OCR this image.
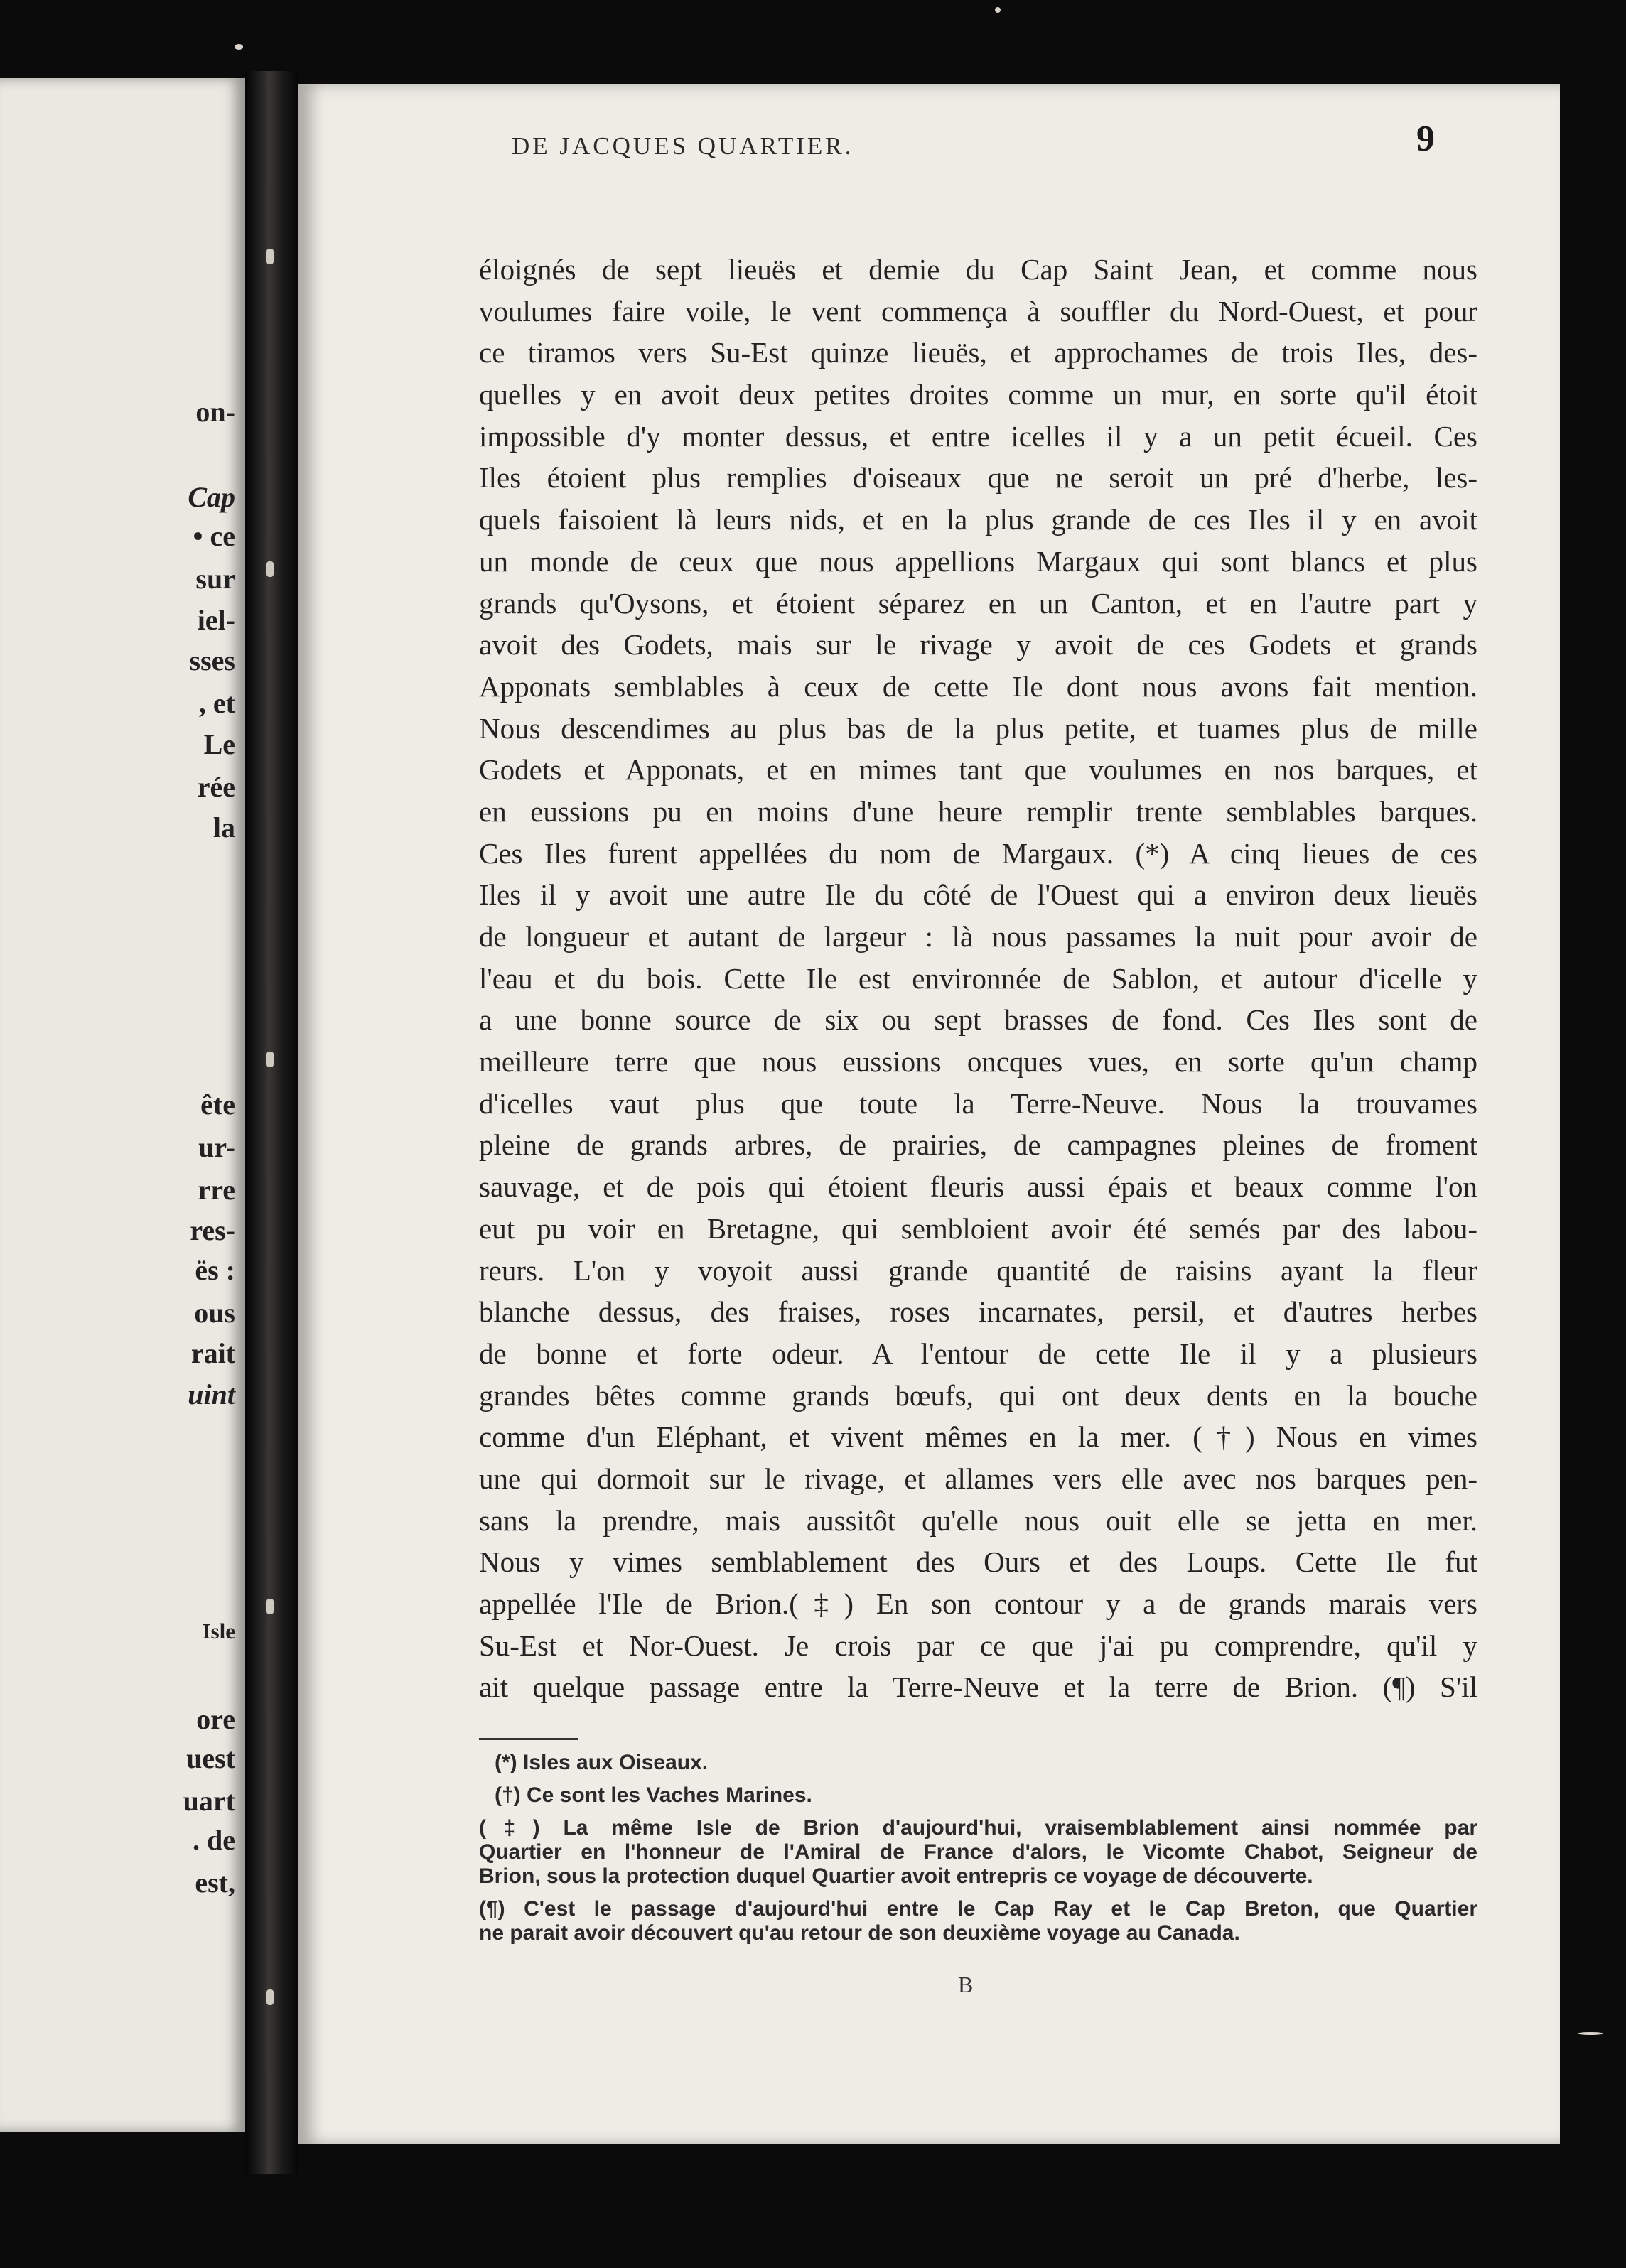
on-
Cap
• ce
sur
iel-
sses
, et
Le
rée
la
ête
ur-
rre
res-
ës :
ous
rait
uint
Isle
ore
uest
uart
. de
est,
DE JACQUES QUARTIER.	9
éloignés de sept lieuës et demie du Cap Saint Jean, et comme nous
voulumes faire voile, le vent commença à souffler du Nord-Ouest, et pour
ce tiramos vers Su-Est quinze lieuës, et approchames de trois Iles, des-
quelles y en avoit deux petites droites comme un mur, en sorte qu'il étoit
impossible d'y monter dessus, et entre icelles il y a un petit écueil. Ces
Iles étoient plus remplies d'oiseaux que ne seroit un pré d'herbe, les-
quels faisoient là leurs nids, et en la plus grande de ces Iles il y en avoit
un monde de ceux que nous appellions Margaux qui sont blancs et plus
grands qu'Oysons, et étoient séparez en un Canton, et en l'autre part y
avoit des Godets, mais sur le rivage y avoit de ces Godets et grands
Apponats semblables à ceux de cette Ile dont nous avons fait mention.
Nous descendimes au plus bas de la plus petite, et tuames plus de mille
Godets et Apponats, et en mimes tant que voulumes en nos barques, et
en eussions pu en moins d'une heure remplir trente semblables barques.
Ces Iles furent appellées du nom de Margaux. (*) A cinq lieues de ces
Iles il y avoit une autre Ile du côté de l'Ouest qui a environ deux lieuës
de longueur et autant de largeur : là nous passames la nuit pour avoir de
l'eau et du bois. Cette Ile est environnée de Sablon, et autour d'icelle y
a une bonne source de six ou sept brasses de fond. Ces Iles sont de
meilleure terre que nous eussions oncques vues, en sorte qu'un champ
d'icelles vaut plus que toute la Terre-Neuve. Nous la trouvames
pleine de grands arbres, de prairies, de campagnes pleines de froment
sauvage, et de pois qui étoient fleuris aussi épais et beaux comme l'on
eut pu voir en Bretagne, qui sembloient avoir été semés par des labou-
reurs. L'on y voyoit aussi grande quantité de raisins ayant la fleur
blanche dessus, des fraises, roses incarnates, persil, et d'autres herbes
de bonne et forte odeur. A l'entour de cette Ile il y a plusieurs
grandes bêtes comme grands bœufs, qui ont deux dents en la bouche
comme d'un Eléphant, et vivent mêmes en la mer. (†) Nous en vimes
une qui dormoit sur le rivage, et allames vers elle avec nos barques pen-
sans la prendre, mais aussitôt qu'elle nous ouit elle se jetta en mer.
Nous y vimes semblablement des Ours et des Loups. Cette Ile fut
appellée l'Ile de Brion.(‡) En son contour y a de grands marais vers
Su-Est et Nor-Ouest. Je crois par ce que j'ai pu comprendre, qu'il y
ait quelque passage entre la Terre-Neuve et la terre de Brion. (¶) S'il
(*) Isles aux Oiseaux.
(†) Ce sont les Vaches Marines.
(‡) La même Isle de Brion d'aujourd'hui, vraisemblablement ainsi nommée par
Quartier en l'honneur de l'Amiral de France d'alors, le Vicomte Chabot, Seigneur de
Brion, sous la protection duquel Quartier avoit entrepris ce voyage de découverte.
(¶) C'est le passage d'aujourd'hui entre le Cap Ray et le Cap Breton, que Quartier
ne parait avoir découvert qu'au retour de son deuxième voyage au Canada.
B
